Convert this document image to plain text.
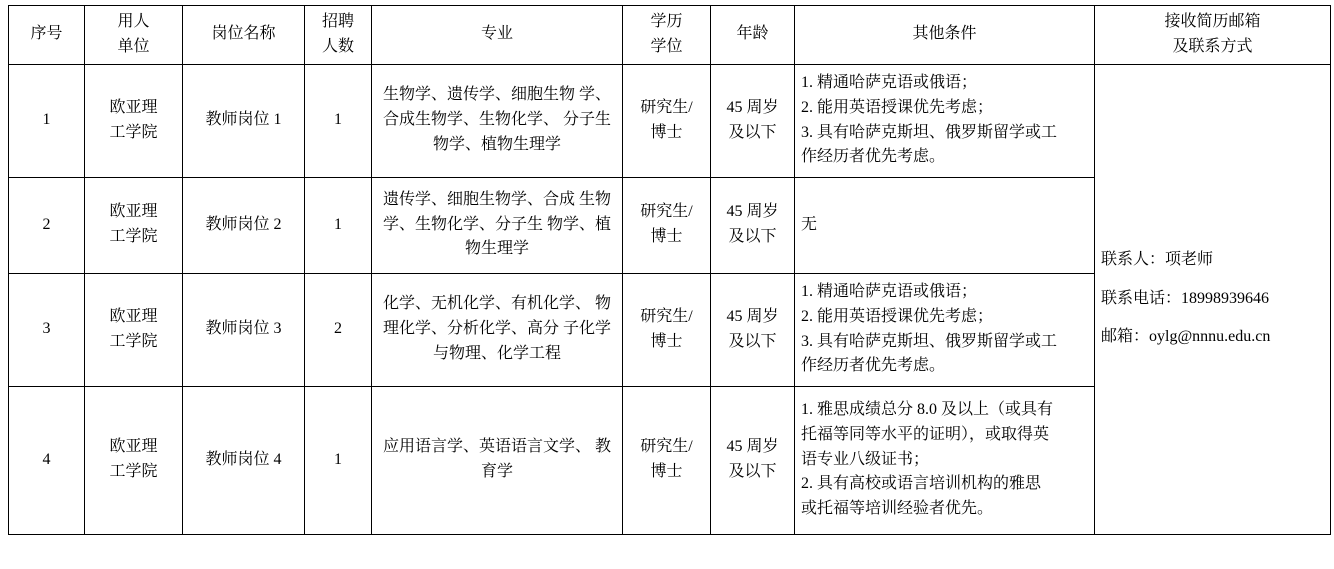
序号	用人
单位	岗位名称	招聘
人数	专业	学历
学位	年龄	其他条件	接收简历邮箱
及联系方式

1	欧亚理
工学院	教师岗位 1	1	生物学、遗传学、细胞生物 学、合成生物学、生物化学、 分子生物学、植物生理学	研究生/
博士	45 周岁
及以下	1. 精通哈萨克语或俄语；
2. 能用英语授课优先考虑；
3. 具有哈萨克斯坦、俄罗斯留学或工
作经历者优先考虑。	联系人：项老师
联系电话：18998939646
邮箱：oylg@nnnu.edu.cn

2	欧亚理
工学院	教师岗位 2	1	遗传学、细胞生物学、合成 生物学、生物化学、分子生 物学、植物生理学	研究生/
博士	45 周岁
及以下	无	

3	欧亚理
工学院	教师岗位 3	2	化学、无机化学、有机化学、 物理化学、分析化学、高分 子化学与物理、化学工程	研究生/
博士	45 周岁
及以下	1. 精通哈萨克语或俄语；
2. 能用英语授课优先考虑；
3. 具有哈萨克斯坦、俄罗斯留学或工
作经历者优先考虑。	

4	欧亚理
工学院	教师岗位 4	1	应用语言学、英语语言文学、 教育学	研究生/
博士	45 周岁
及以下	1. 雅思成绩总分 8.0 及以上（或具有
托福等同等水平的证明），或取得英
语专业八级证书；
2. 具有高校或语言培训机构的雅思
或托福等培训经验者优先。	
